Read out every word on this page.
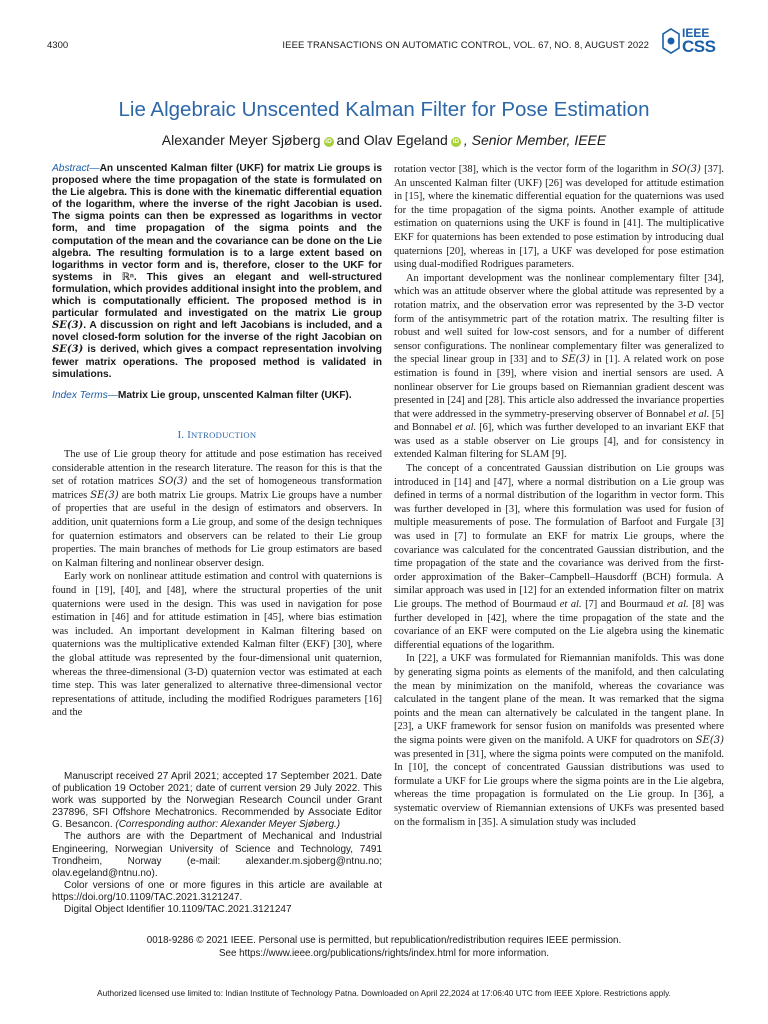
4300	IEEE TRANSACTIONS ON AUTOMATIC CONTROL, VOL. 67, NO. 8, AUGUST 2022
IEEE
CSS
Lie Algebraic Unscented Kalman Filter for Pose Estimation
Alexander Meyer Sjøberg iD and Olav Egeland iD , Senior Member, IEEE
Abstract—An unscented Kalman filter (UKF) for matrix Lie groups is proposed where the time propagation of the state is formulated on the Lie algebra. This is done with the kinematic differential equation of the logarithm, where the inverse of the right Jacobian is used. The sigma points can then be expressed as logarithms in vector form, and time propagation of the sigma points and the computation of the mean and the covariance can be done on the Lie algebra. The resulting formulation is to a large extent based on logarithms in vector form and is, therefore, closer to the UKF for systems in ℝⁿ. This gives an elegant and well-structured formulation, which provides additional insight into the problem, and which is computationally efficient. The proposed method is in particular formulated and investigated on the matrix Lie group SE(3). A discussion on right and left Jacobians is included, and a novel closed-form solution for the inverse of the right Jacobian on SE(3) is derived, which gives a compact representation involving fewer matrix operations. The proposed method is validated in simulations.
Index Terms—Matrix Lie group, unscented Kalman filter (UKF).
I. INTRODUCTION

The use of Lie group theory for attitude and pose estimation has received considerable attention in the research literature. The reason for this is that the set of rotation matrices SO(3) and the set of homogeneous transformation matrices SE(3) are both matrix Lie groups. Matrix Lie groups have a number of properties that are useful in the design of estimators and observers. In addition, unit quaternions form a Lie group, and some of the design techniques for quaternion estimators and observers can be related to their Lie group properties. The main branches of methods for Lie group estimators are based on Kalman filtering and nonlinear observer design.

Early work on nonlinear attitude estimation and control with quaternions is found in [19], [40], and [48], where the structural properties of the unit quaternions were used in the design. This was used in navigation for pose estimation in [46] and for attitude estimation in [45], where bias estimation was included. An important development in Kalman filtering based on quaternions was the multiplicative extended Kalman filter (EKF) [30], where the global attitude was represented by the four-dimensional unit quaternion, whereas the three-dimensional (3-D) quaternion vector was estimated at each time step. This was later generalized to alternative three-dimensional vector representations of attitude, including the modified Rodrigues parameters [16] and the

Manuscript received 27 April 2021; accepted 17 September 2021. Date of publication 19 October 2021; date of current version 29 July 2022. This work was supported by the Norwegian Research Council under Grant 237896, SFI Offshore Mechatronics. Recommended by Associate Editor G. Besancon. (Corresponding author: Alexander Meyer Sjøberg.)

The authors are with the Department of Mechanical and Industrial Engineering, Norwegian University of Science and Technology, 7491 Trondheim, Norway (e-mail: alexander.m.sjoberg@ntnu.no; olav.egeland@ntnu.no).

Color versions of one or more figures in this article are available at https://doi.org/10.1109/TAC.2021.3121247.

Digital Object Identifier 10.1109/TAC.2021.3121247

rotation vector [38], which is the vector form of the logarithm in SO(3) [37]. An unscented Kalman filter (UKF) [26] was developed for attitude estimation in [15], where the kinematic differential equation for the quaternions was used for the time propagation of the sigma points. Another example of attitude estimation on quaternions using the UKF is found in [41]. The multiplicative EKF for quaternions has been extended to pose estimation by introducing dual quaternions [20], whereas in [17], a UKF was developed for pose estimation using dual-modified Rodrigues parameters.

An important development was the nonlinear complementary filter [34], which was an attitude observer where the global attitude was represented by a rotation matrix, and the observation error was represented by the 3-D vector form of the antisymmetric part of the rotation matrix. The resulting filter is robust and well suited for low-cost sensors, and for a number of different sensor configurations. The nonlinear complementary filter was generalized to the special linear group in [33] and to SE(3) in [1]. A related work on pose estimation is found in [39], where vision and inertial sensors are used. A nonlinear observer for Lie groups based on Riemannian gradient descent was presented in [24] and [28]. This article also addressed the invariance properties that were addressed in the symmetry-preserving observer of Bonnabel et al. [5] and Bonnabel et al. [6], which was further developed to an invariant EKF that was used as a stable observer on Lie groups [4], and for consistency in extended Kalman filtering for SLAM [9].

The concept of a concentrated Gaussian distribution on Lie groups was introduced in [14] and [47], where a normal distribution on a Lie group was defined in terms of a normal distribution of the logarithm in vector form. This was further developed in [3], where this formulation was used for fusion of multiple measurements of pose. The formulation of Barfoot and Furgale [3] was used in [7] to formulate an EKF for matrix Lie groups, where the covariance was calculated for the concentrated Gaussian distribution, and the time propagation of the state and the covariance was derived from the first-order approximation of the Baker–Campbell–Hausdorff (BCH) formula. A similar approach was used in [12] for an extended information filter on matrix Lie groups. The method of Bourmaud et al. [7] and Bourmaud et al. [8] was further developed in [42], where the time propagation of the state and the covariance of an EKF were computed on the Lie algebra using the kinematic differential equations of the logarithm.

In [22], a UKF was formulated for Riemannian manifolds. This was done by generating sigma points as elements of the manifold, and then calculating the mean by minimization on the manifold, whereas the covariance was calculated in the tangent plane of the mean. It was remarked that the sigma points and the mean can alternatively be calculated in the tangent plane. In [23], a UKF framework for sensor fusion on manifolds was presented where the sigma points were given on the manifold. A UKF for quadrotors on SE(3) was presented in [31], where the sigma points were computed on the manifold. In [10], the concept of concentrated Gaussian distributions was used to formulate a UKF for Lie groups where the sigma points are in the Lie algebra, whereas the time propagation is formulated on the Lie group. In [36], a systematic overview of Riemannian extensions of UKFs was presented based on the formalism in [35]. A simulation study was included

0018-9286 © 2021 IEEE. Personal use is permitted, but republication/redistribution requires IEEE permission.
See https://www.ieee.org/publications/rights/index.html for more information.
Authorized licensed use limited to: Indian Institute of Technology Patna. Downloaded on April 22,2024 at 17:06:40 UTC from IEEE Xplore. Restrictions apply.
